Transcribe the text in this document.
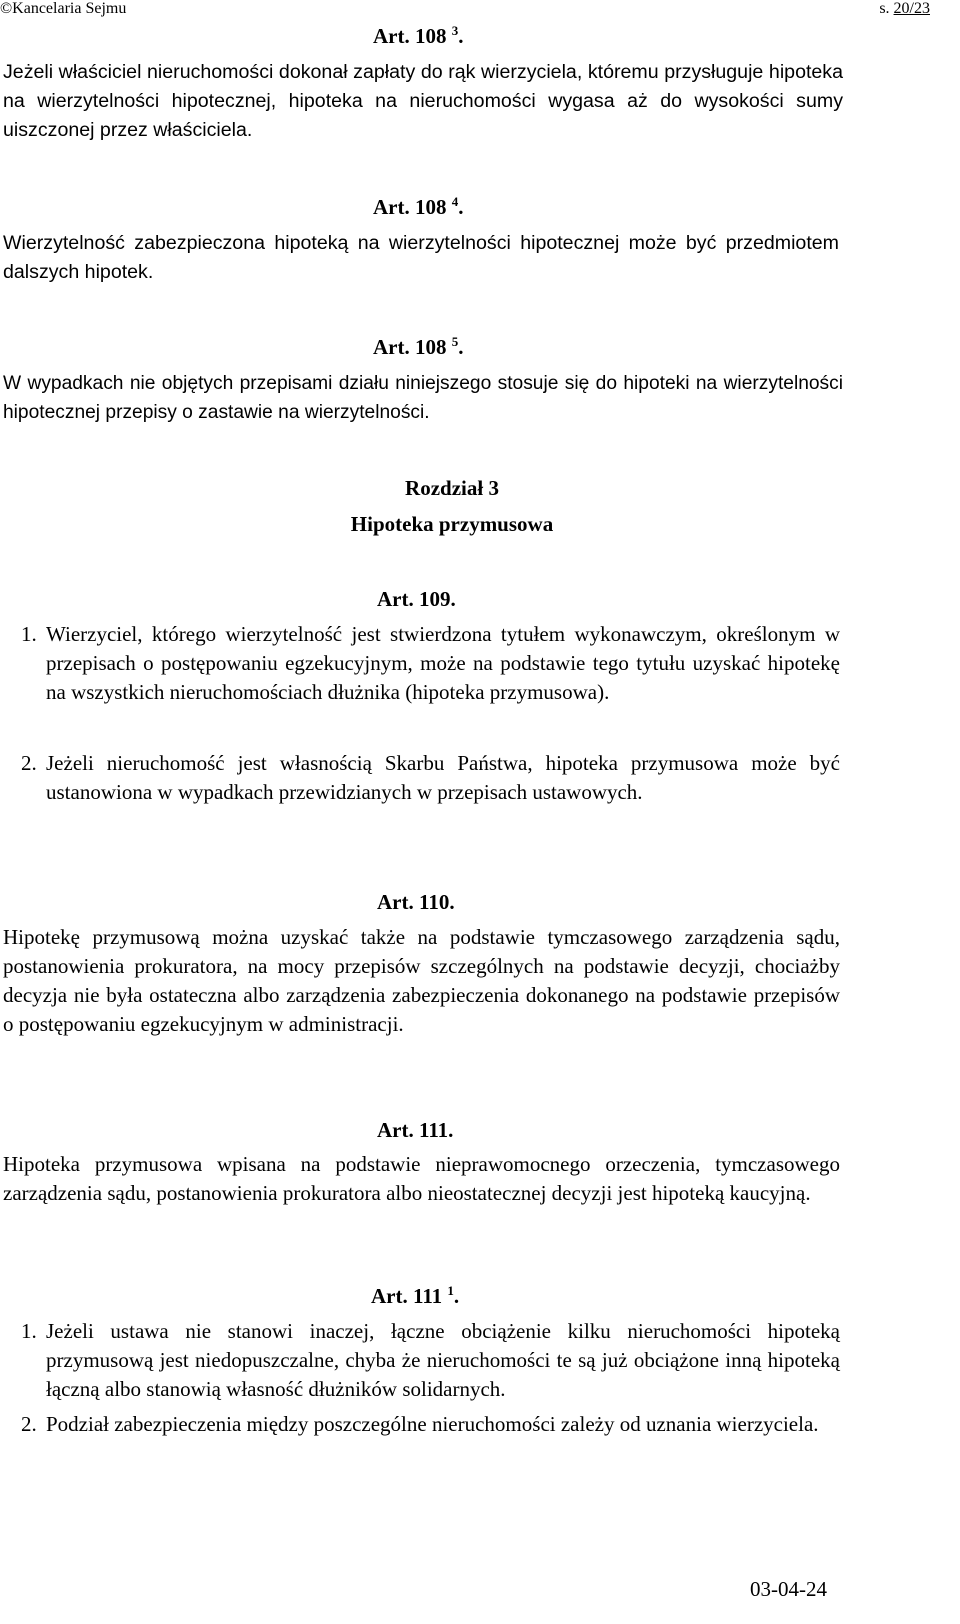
©Kancelaria Sejmu	s. 20/23
Art. 108 $^3$.
Jeżeli właściciel nieruchomości dokonał zapłaty do rąk wierzyciela, któremu przysługuje hipoteka na wierzytelności hipotecznej, hipoteka na nieruchomości wygasa aż do wysokości sumy uiszczonej przez właściciela.
Art. 108 $^4$.
Wierzytelność zabezpieczona hipoteką na wierzytelności hipotecznej może być przedmiotem dalszych hipotek.
Art. 108 $^5$.
W wypadkach nie objętych przepisami działu niniejszego stosuje się do hipoteki na wierzytelności hipotecznej przepisy o zastawie na wierzytelności.
Rozdział 3
Hipoteka przymusowa
Art. 109.
1. Wierzyciel, którego wierzytelność jest stwierdzona tytułem wykonawczym, określonym w przepisach o postępowaniu egzekucyjnym, może na podstawie tego tytułu uzyskać hipotekę na wszystkich nieruchomościach dłużnika (hipoteka przymusowa).
2. Jeżeli nieruchomość jest własnością Skarbu Państwa, hipoteka przymusowa może być ustanowiona w wypadkach przewidzianych w przepisach ustawowych.
Art. 110.
Hipotekę przymusową można uzyskać także na podstawie tymczasowego zarządzenia sądu, postanowienia prokuratora, na mocy przepisów szczególnych na podstawie decyzji, chociażby decyzja nie była ostateczna albo zarządzenia zabezpieczenia dokonanego na podstawie przepisów o postępowaniu egzekucyjnym w administracji.
Art. 111.
Hipoteka przymusowa wpisana na podstawie nieprawomocnego orzeczenia, tymczasowego zarządzenia sądu, postanowienia prokuratora albo nieostatecznej decyzji jest hipoteką kaucyjną.
Art. 111 $^1$.
1. Jeżeli ustawa nie stanowi inaczej, łączne obciążenie kilku nieruchomości hipoteką przymusową jest niedopuszczalne, chyba że nieruchomości te są już obciążone inną hipoteką łączną albo stanowią własność dłużników solidarnych.
2. Podział zabezpieczenia między poszczególne nieruchomości zależy od uznania wierzyciela.
03-04-24
